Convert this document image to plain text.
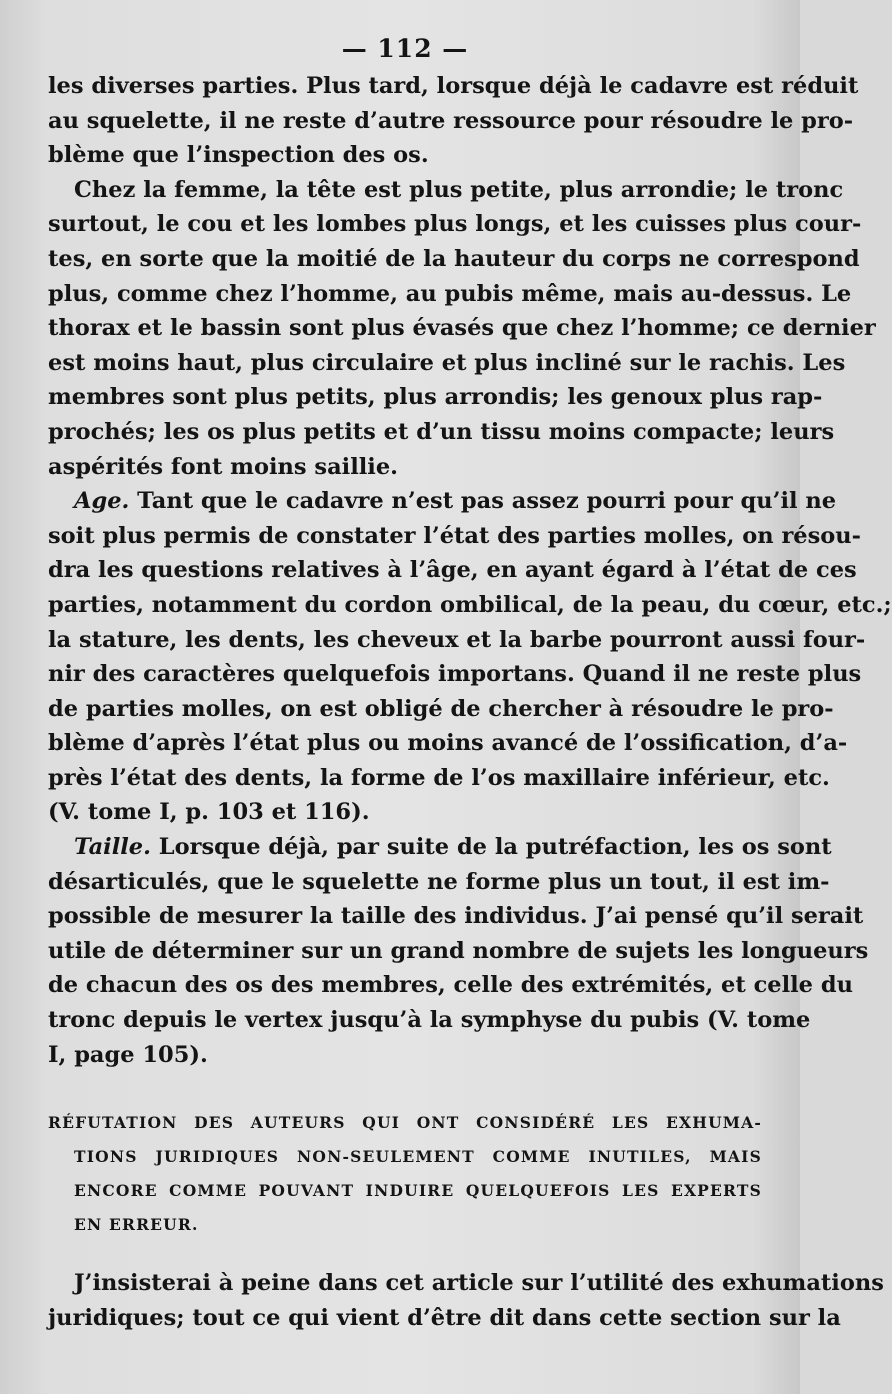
— 112 —
les diverses parties. Plus tard, lorsque déjà le cadavre est réduit
au squelette, il ne reste d’autre ressource pour résoudre le pro-
blème que l’inspection des os.
Chez la femme, la tête est plus petite, plus arrondie; le tronc
surtout, le cou et les lombes plus longs, et les cuisses plus cour-
tes, en sorte que la moitié de la hauteur du corps ne correspond
plus, comme chez l’homme, au pubis même, mais au-dessus. Le
thorax et le bassin sont plus évasés que chez l’homme; ce dernier
est moins haut, plus circulaire et plus incliné sur le rachis. Les
membres sont plus petits, plus arrondis; les genoux plus rap-
prochés; les os plus petits et d’un tissu moins compacte; leurs
aspérités font moins saillie.
Age. Tant que le cadavre n’est pas assez pourri pour qu’il ne
soit plus permis de constater l’état des parties molles, on résou-
dra les questions relatives à l’âge, en ayant égard à l’état de ces
parties, notamment du cordon ombilical, de la peau, du cœur, etc.;
la stature, les dents, les cheveux et la barbe pourront aussi four-
nir des caractères quelquefois importans. Quand il ne reste plus
de parties molles, on est obligé de chercher à résoudre le pro-
blème d’après l’état plus ou moins avancé de l’ossification, d’a-
près l’état des dents, la forme de l’os maxillaire inférieur, etc.
(V. tome I, p. 103 et 116).
Taille. Lorsque déjà, par suite de la putréfaction, les os sont
désarticulés, que le squelette ne forme plus un tout, il est im-
possible de mesurer la taille des individus. J’ai pensé qu’il serait
utile de déterminer sur un grand nombre de sujets les longueurs
de chacun des os des membres, celle des extrémités, et celle du
tronc depuis le vertex jusqu’à la symphyse du pubis (V. tome
I, page 105).
RÉFUTATION DES AUTEURS QUI ONT CONSIDÉRÉ LES EXHUMA-
TIONS JURIDIQUES NON-SEULEMENT COMME INUTILES, MAIS
ENCORE COMME POUVANT INDUIRE QUELQUEFOIS LES EXPERTS
EN ERREUR.
J’insisterai à peine dans cet article sur l’utilité des exhumations
juridiques; tout ce qui vient d’être dit dans cette section sur la
